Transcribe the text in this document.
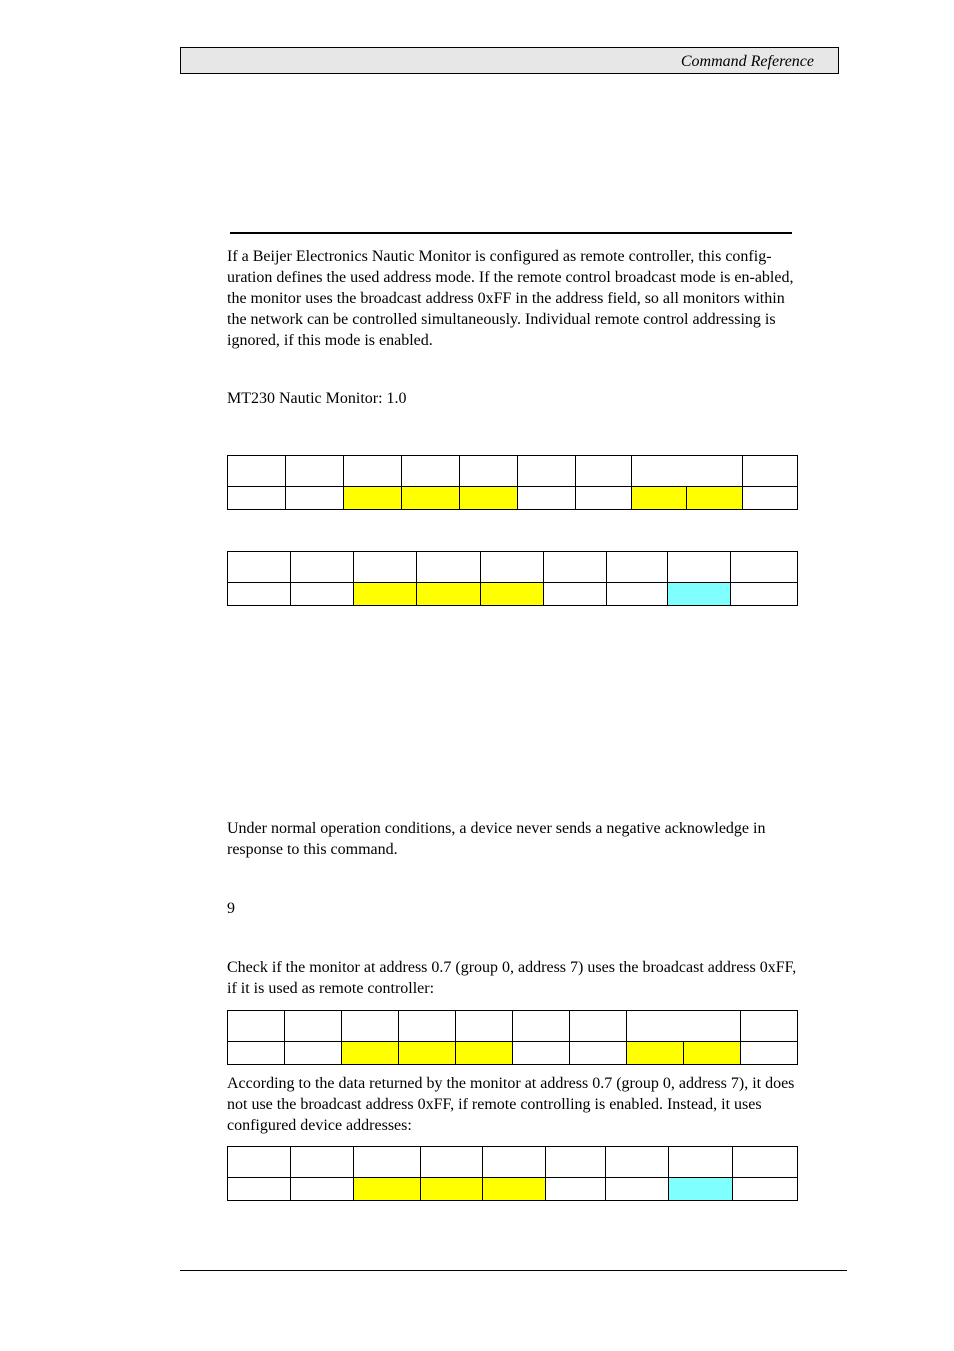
Command Reference

If a Beijer Electronics Nautic Monitor is configured as remote controller, this config-uration defines the used address mode. If the remote control broadcast mode is en-abled, the monitor uses the broadcast address 0xFF in the address field, so all monitors within the network can be controlled simultaneously. Individual remote control addressing is ignored, if this mode is enabled.

MT230 Nautic Monitor: 1.0

Under normal operation conditions, a device never sends a negative acknowledge in response to this command.

9

Check if the monitor at address 0.7 (group 0, address 7) uses the broadcast address 0xFF, if it is used as remote controller:

According to the data returned by the monitor at address 0.7 (group 0, address 7), it does not use the broadcast address 0xFF, if remote controlling is enabled. Instead, it uses configured device addresses:
